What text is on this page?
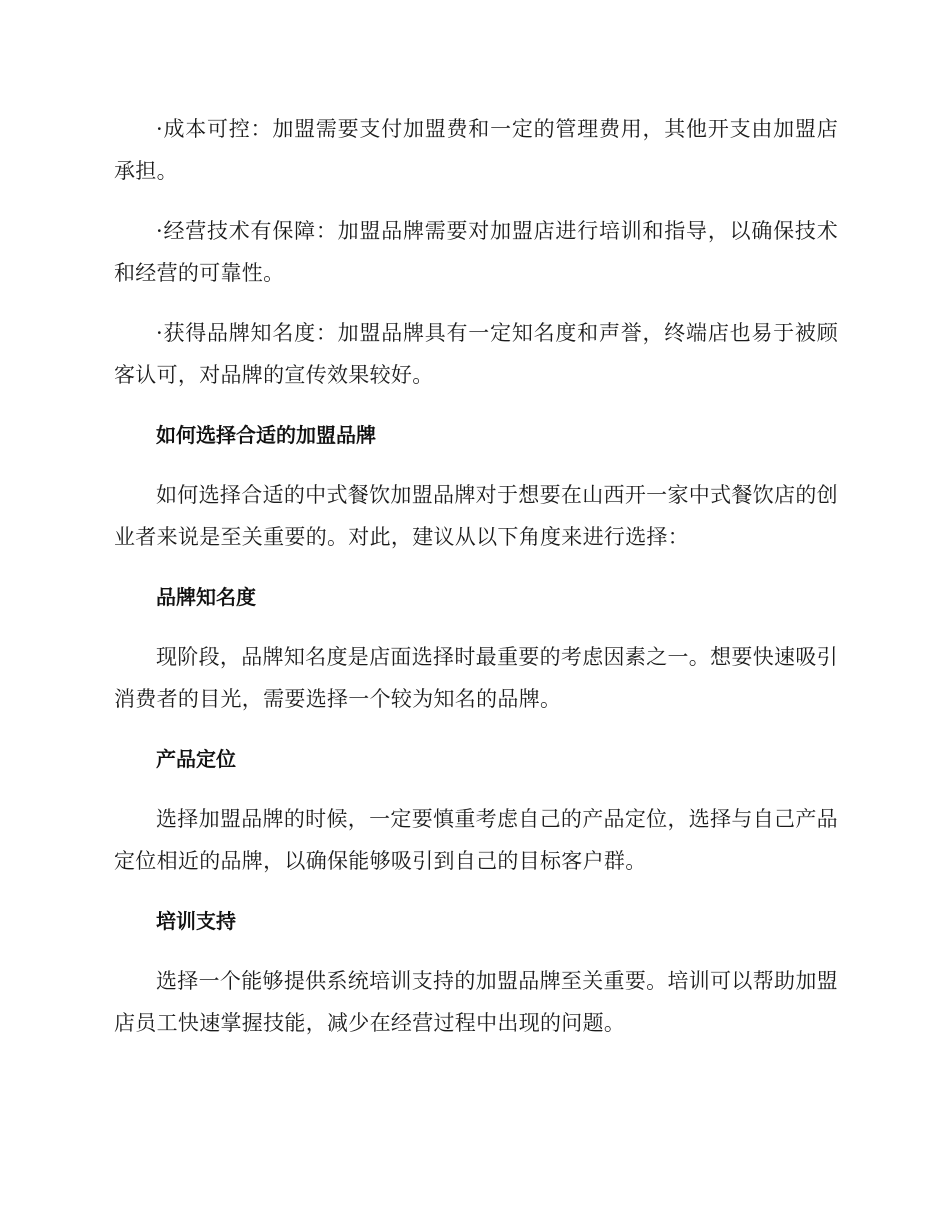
·成本可控：加盟需要支付加盟费和一定的管理费用，其他开支由加盟店承担。

·经营技术有保障：加盟品牌需要对加盟店进行培训和指导，以确保技术和经营的可靠性。

·获得品牌知名度：加盟品牌具有一定知名度和声誉，终端店也易于被顾客认可，对品牌的宣传效果较好。

如何选择合适的加盟品牌

如何选择合适的中式餐饮加盟品牌对于想要在山西开一家中式餐饮店的创业者来说是至关重要的。对此，建议从以下角度来进行选择：

品牌知名度

现阶段，品牌知名度是店面选择时最重要的考虑因素之一。想要快速吸引消费者的目光，需要选择一个较为知名的品牌。

产品定位

选择加盟品牌的时候，一定要慎重考虑自己的产品定位，选择与自己产品定位相近的品牌，以确保能够吸引到自己的目标客户群。

培训支持

选择一个能够提供系统培训支持的加盟品牌至关重要。培训可以帮助加盟店员工快速掌握技能，减少在经营过程中出现的问题。
